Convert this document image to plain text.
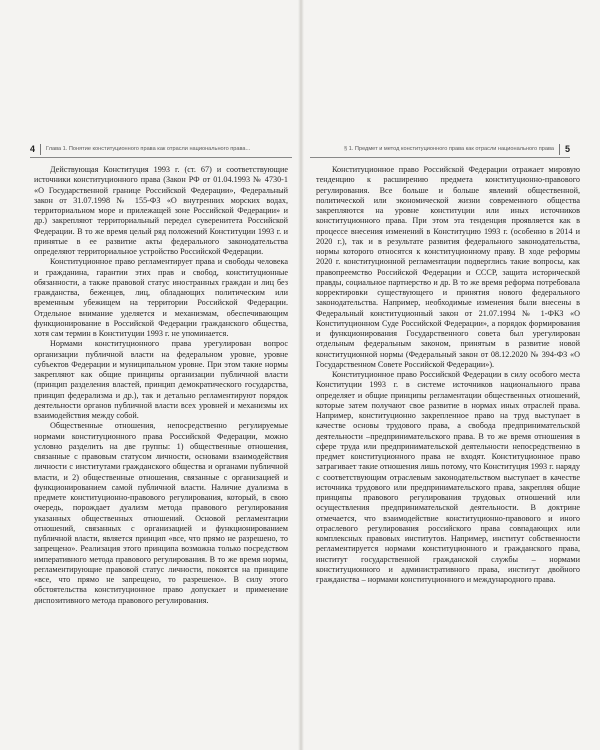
4 Глава 1. Понятие конституционного права как отрасли национального права...

Действующая Конституция 1993 г. (ст. 67) и соответствующие источники конституционного права (Закон РФ от 01.04.1993 № 4730-1 «О Государственной границе Российской Федерации», Федеральный закон от 31.07.1998 № 155-ФЗ «О внутренних морских водах, территориальном море и прилежащей зоне Российской Федерации» и др.) закрепляют территориальный передел суверенитета Российской Федерации. В то же время целый ряд положений Конституции 1993 г. и принятые в ее развитие акты федерального законодательства определяют территориальное устройство Российской Федерации.

Конституционное право регламентирует права и свободы человека и гражданина, гарантии этих прав и свобод, конституционные обязанности, а также правовой статус иностранных граждан и лиц без гражданства, беженцев, лиц, обладающих политическим или временным убежищем на территории Российской Федерации. Отдельное внимание уделяется и механизмам, обеспечивающим функционирование в Российской Федерации гражданского общества, хотя сам термин в Конституции 1993 г. не упоминается.

Нормами конституционного права урегулирован вопрос организации публичной власти на федеральном уровне, уровне субъектов Федерации и муниципальном уровне. При этом такие нормы закрепляют как общие принципы организации публичной власти (принцип разделения властей, принцип демократического государства, принцип федерализма и др.), так и детально регламентируют порядок деятельности органов публичной власти всех уровней и механизмы их взаимодействия между собой.

Общественные отношения, непосредственно регулируемые нормами конституционного права Российской Федерации, можно условно разделить на две группы: 1) общественные отношения, связанные с правовым статусом личности, основами взаимодействия личности с институтами гражданского общества и органами публичной власти, и 2) общественные отношения, связанные с организацией и функционированием самой публичной власти. Наличие дуализма в предмете конституционно-правового регулирования, который, в свою очередь, порождает дуализм метода правового регулирования указанных общественных отношений. Основой регламентации отношений, связанных с организацией и функционированием публичной власти, является принцип «все, что прямо не разрешено, то запрещено». Реализация этого принципа возможна только посредством императивного метода правового регулирования. В то же время нормы, регламентирующие правовой статус личности, покоятся на принципе «все, что прямо не запрещено, то разрешено». В силу этого обстоятельства конституционное право допускает и применение диспозитивного метода правового регулирования.

§ 1. Предмет и метод конституционного права как отрасли национального права 5

Конституционное право Российской Федерации отражает мировую тенденцию к расширению предмета конституционно-правового регулирования. Все больше и больше явлений общественной, политической или экономической жизни современного общества закрепляются на уровне конституции или иных источников конституционного права. При этом эта тенденция проявляется как в процессе внесения изменений в Конституцию 1993 г. (особенно в 2014 и 2020 г.), так и в результате развития федерального законодательства, нормы которого относятся к конституционному праву. В ходе реформы 2020 г. конституционной регламентации подверглись такие вопросы, как правопреемство Российской Федерации и СССР, защита исторической правды, социальное партнерство и др. В то же время реформа потребовала корректировки существующего и принятия нового федерального законодательства. Например, необходимые изменения были внесены в Федеральный конституционный закон от 21.07.1994 № 1-ФКЗ «О Конституционном Суде Российской Федерации», а порядок формирования и функционирования Государственного совета был урегулирован отдельным федеральным законом, принятым в развитие новой конституционной нормы (Федеральный закон от 08.12.2020 № 394-ФЗ «О Государственном Совете Российской Федерации»).

Конституционное право Российской Федерации в силу особого места Конституции 1993 г. в системе источников национального права определяет и общие принципы регламентации общественных отношений, которые затем получают свое развитие в нормах иных отраслей права. Например, конституционно закрепленное право на труд выступает в качестве основы трудового права, а свобода предпринимательской деятельности –предпринимательского права. В то же время отношения в сфере труда или предпринимательской деятельности непосредственно в предмет конституционного права не входят. Конституционное право затрагивает такие отношения лишь потому, что Конституция 1993 г. наряду с соответствующим отраслевым законодательством выступает в качестве источника трудового или предпринимательского права, закрепляя общие принципы правового регулирования трудовых отношений или осуществления предпринимательской деятельности. В доктрине отмечается, что взаимодействие конституционно-правового и иного отраслевого регулирования российского права совпадающих или комплексных правовых институтов. Например, институт собственности регламентируется нормами конституционного и гражданского права, институт государственной гражданской службы – нормами конституционного и административного права, институт двойного гражданства – нормами конституционного и международного права.
